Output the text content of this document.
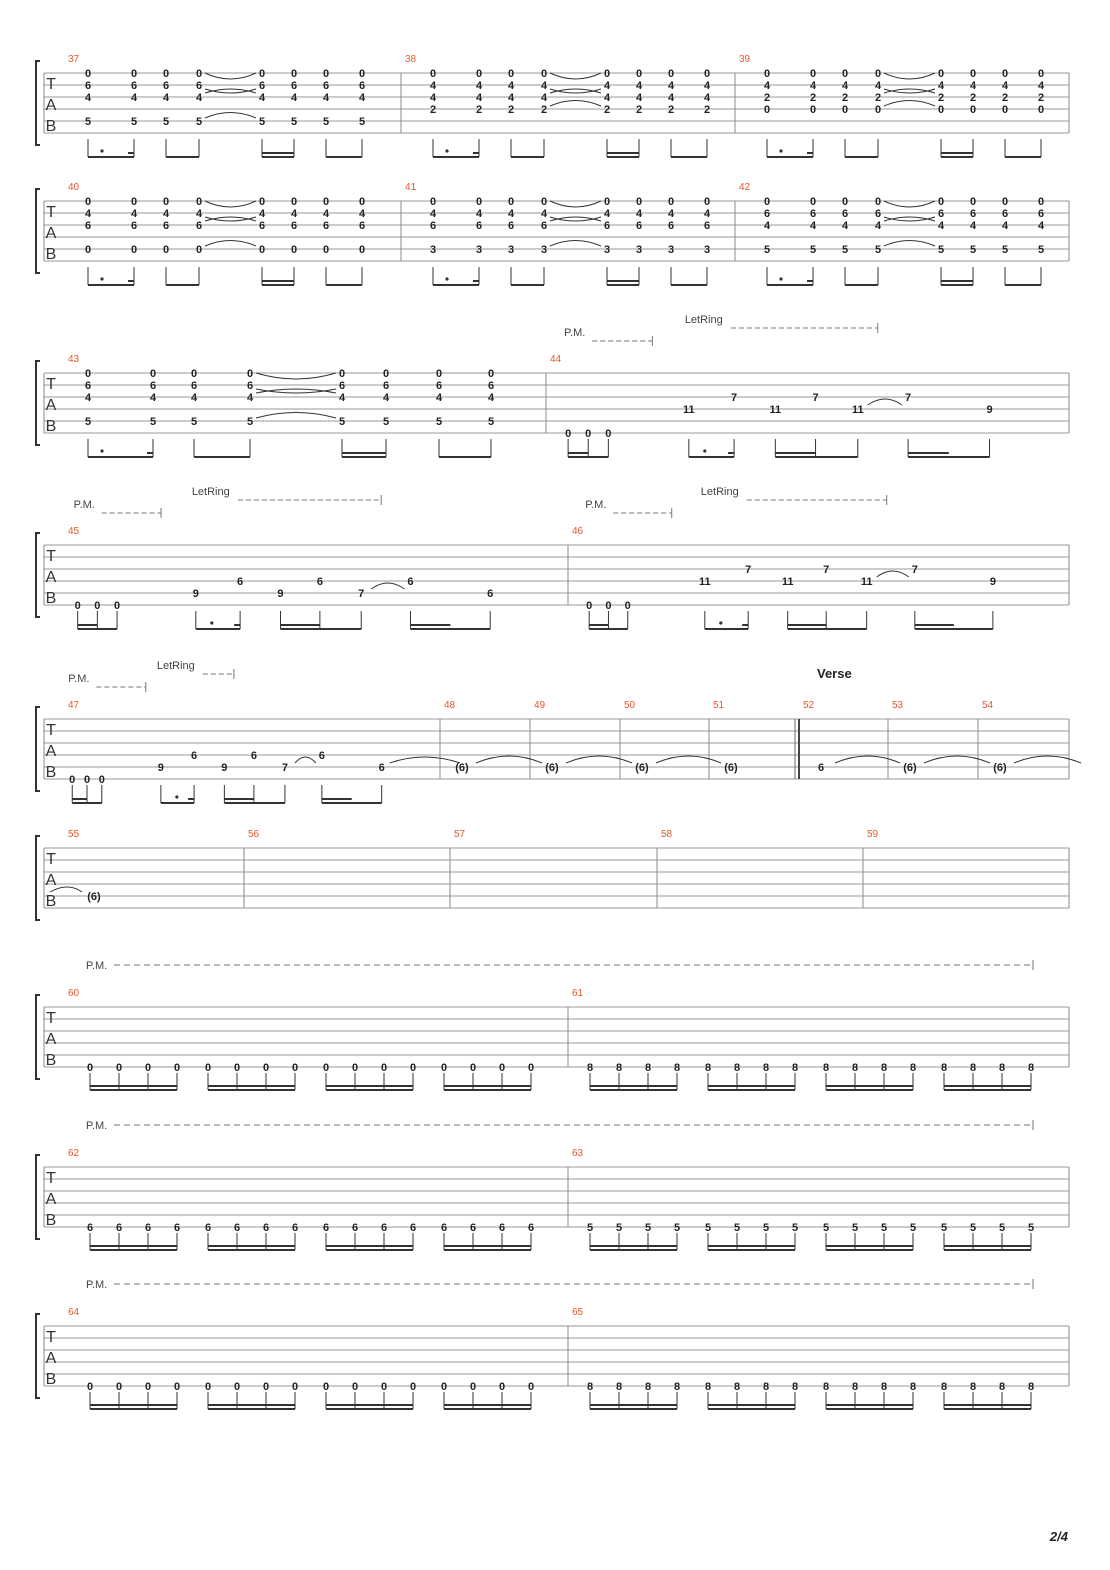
T
A
B
37
0
6
4
5
0
6
4
5
0
6
4
5
0
6
4
5
0
6
4
5
0
6
4
5
0
6
4
5
0
6
4
5
38
0
4
4
2
0
4
4
2
0
4
4
2
0
4
4
2
0
4
4
2
0
4
4
2
0
4
4
2
0
4
4
2
39
0
4
2
0
0
4
2
0
0
4
2
0
0
4
2
0
0
4
2
0
0
4
2
0
0
4
2
0
0
4
2
0
T
A
B
40
0
4
6
0
0
4
6
0
0
4
6
0
0
4
6
0
0
4
6
0
0
4
6
0
0
4
6
0
0
4
6
0
41
0
4
6
3
0
4
6
3
0
4
6
3
0
4
6
3
0
4
6
3
0
4
6
3
0
4
6
3
0
4
6
3
42
0
6
4
5
0
6
4
5
0
6
4
5
0
6
4
5
0
6
4
5
0
6
4
5
0
6
4
5
0
6
4
5
T
A
B
43
0
6
4
5
0
6
4
5
0
6
4
5
0
6
4
5
0
6
4
5
0
6
4
5
0
6
4
5
0
6
4
5
44
0 0 0
11
7
11
7
11
7
9
P.M.
LetRing
T
A
B
45
0 0 0
9
6
9
6
7
6
6
P.M.
LetRing
46
0 0 0
11
7
11
7
11
7
9
P.M.
LetRing
T
A
B
47
0 0 0
9
6
9
6
7
6
6
P.M.
LetRing
48
(6)
49
(6)
50
(6)
51
(6)
52
Verse
6
53
(6)
54
(6)
T
A
B
55
(6)
56	57	58	59
T
A
B
P.M.
60
0 0 0 0 0 0 0 0 0 0 0 0 0 0 0 0
61
8 8 8 8 8 8 8 8 8 8 8 8 8 8 8 8
T
A
B
P.M.
62
6 6 6 6 6 6 6 6 6 6 6 6 6 6 6 6
63
5 5 5 5 5 5 5 5 5 5 5 5 5 5 5 5
T
A
B
P.M.
64
0 0 0 0 0 0 0 0 0 0 0 0 0 0 0 0
65
8 8 8 8 8 8 8 8 8 8 8 8 8 8 8 8
2/4
